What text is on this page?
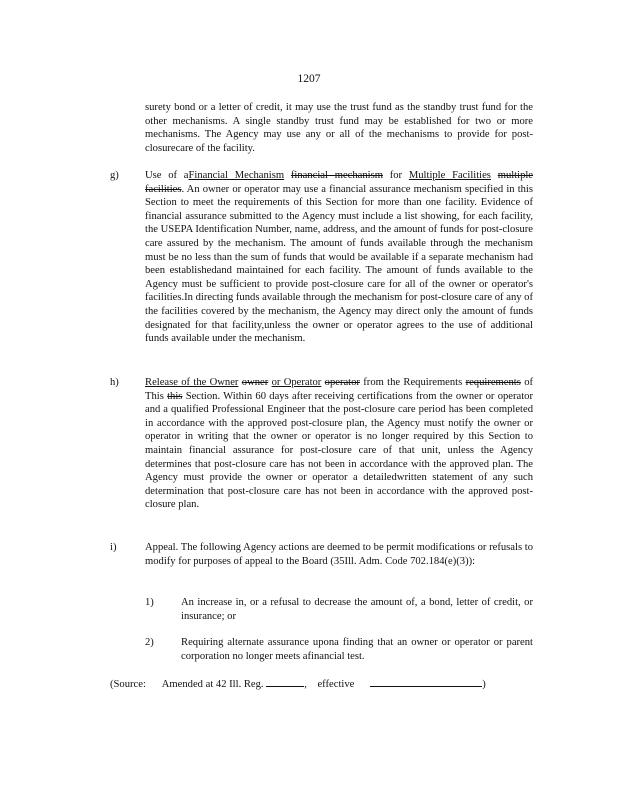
1207
surety bond or a letter of credit, it may use the trust fund as the standby trust fund for the other mechanisms. A single standby trust fund may be established for two or more mechanisms. The Agency may use any or all of the mechanisms to provide for post-closurecare of the facility.
g) Use of aFinancial Mechanism financial mechanism for Multiple Facilities multiple facilities. An owner or operator may use a financial assurance mechanism specified in this Section to meet the requirements of this Section for more than one facility. Evidence of financial assurance submitted to the Agency must include a list showing, for each facility, the USEPA Identification Number, name, address, and the amount of funds for post-closure care assured by the mechanism. The amount of funds available through the mechanism must be no less than the sum of funds that would be available if a separate mechanism had been establishedand maintained for each facility. The amount of funds available to the Agency must be sufficient to provide post-closure care for all of the owner or operator's facilities.In directing funds available through the mechanism for post-closure care of any of the facilities covered by the mechanism, the Agency may direct only the amount of funds designated for that facility,unless the owner or operator agrees to the use of additional funds available under the mechanism.
h) Release of the Owner owner or Operator operator from the Requirements requirements of This this Section. Within 60 days after receiving certifications from the owner or operator and a qualified Professional Engineer that the post-closure care period has been completed in accordance with the approved post-closure plan, the Agency must notify the owner or operator in writing that the owner or operator is no longer required by this Section to maintain financial assurance for post-closure care of that unit, unless the Agency determines that post-closure care has not been in accordance with the approved plan. The Agency must provide the owner or operator a detailedwritten statement of any such determination that post-closure care has not been in accordance with the approved post-closure plan.
i)	Appeal. The following Agency actions are deemed to be permit modifications or refusals to modify for purposes of appeal to the Board (35Ill. Adm. Code 702.184(e)(3)):
1)	An increase in, or a refusal to decrease the amount of, a bond, letter of credit, or insurance; or
2)	Requiring alternate assurance upona finding that an owner or operator or parent corporation no longer meets afinancial test.
(Source: Amended at 42 Ill. Reg.	, effective	)
